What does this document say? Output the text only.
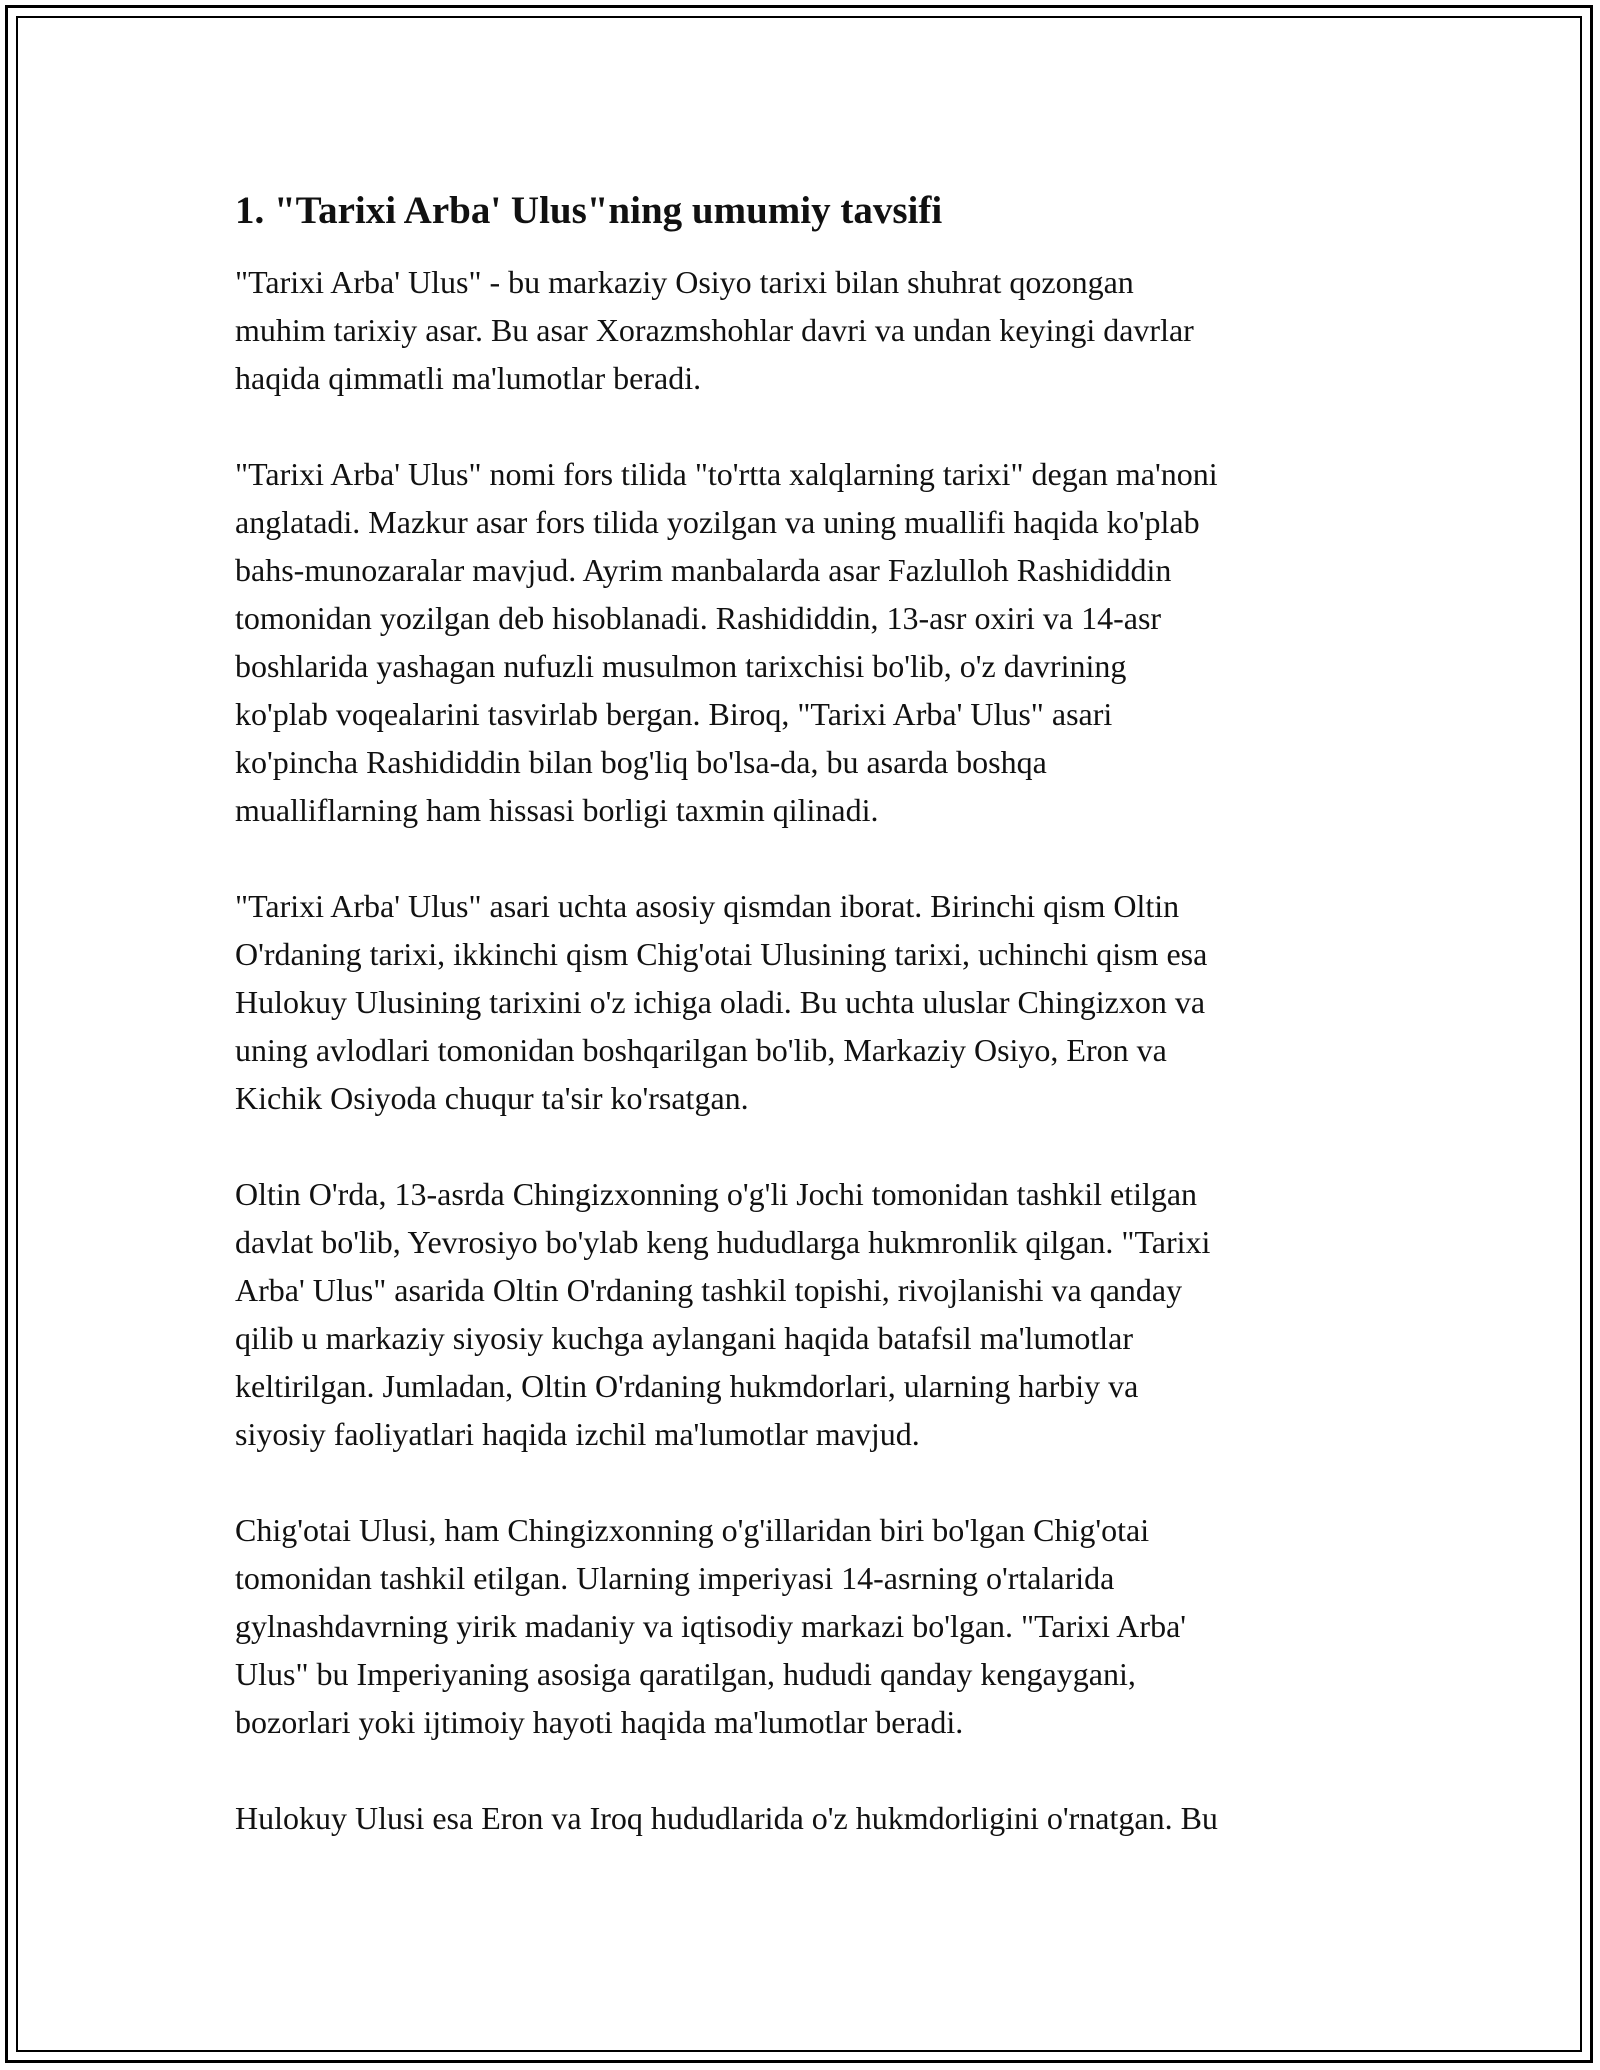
1. "Tarixi Arba' Ulus"ning umumiy tavsifi

"Tarixi Arba' Ulus" - bu markaziy Osiyo tarixi bilan shuhrat qozongan
muhim tarixiy asar. Bu asar Xorazmshohlar davri va undan keyingi davrlar
haqida qimmatli ma'lumotlar beradi.

"Tarixi Arba' Ulus" nomi fors tilida "to'rtta xalqlarning tarixi" degan ma'noni
anglatadi. Mazkur asar fors tilida yozilgan va uning muallifi haqida ko'plab
bahs-munozaralar mavjud. Ayrim manbalarda asar Fazlulloh Rashididdin
tomonidan yozilgan deb hisoblanadi. Rashididdin, 13-asr oxiri va 14-asr
boshlarida yashagan nufuzli musulmon tarixchisi bo'lib, o'z davrining
ko'plab voqealarini tasvirlab bergan. Biroq, "Tarixi Arba' Ulus" asari
ko'pincha Rashididdin bilan bog'liq bo'lsa-da, bu asarda boshqa
mualliflarning ham hissasi borligi taxmin qilinadi.

"Tarixi Arba' Ulus" asari uchta asosiy qismdan iborat. Birinchi qism Oltin
O'rdaning tarixi, ikkinchi qism Chig'otai Ulusining tarixi, uchinchi qism esa
Hulokuy Ulusining tarixini o'z ichiga oladi. Bu uchta uluslar Chingizxon va
uning avlodlari tomonidan boshqarilgan bo'lib, Markaziy Osiyo, Eron va
Kichik Osiyoda chuqur ta'sir ko'rsatgan.

Oltin O'rda, 13-asrda Chingizxonning o'g'li Jochi tomonidan tashkil etilgan
davlat bo'lib, Yevrosiyo bo'ylab keng hududlarga hukmronlik qilgan. "Tarixi
Arba' Ulus" asarida Oltin O'rdaning tashkil topishi, rivojlanishi va qanday
qilib u markaziy siyosiy kuchga aylangani haqida batafsil ma'lumotlar
keltirilgan. Jumladan, Oltin O'rdaning hukmdorlari, ularning harbiy va
siyosiy faoliyatlari haqida izchil ma'lumotlar mavjud.

Chig'otai Ulusi, ham Chingizxonning o'g'illaridan biri bo'lgan Chig'otai
tomonidan tashkil etilgan. Ularning imperiyasi 14-asrning o'rtalarida
gylnashdavrning yirik madaniy va iqtisodiy markazi bo'lgan. "Tarixi Arba'
Ulus" bu Imperiyaning asosiga qaratilgan, hududi qanday kengaygani,
bozorlari yoki ijtimoiy hayoti haqida ma'lumotlar beradi.

Hulokuy Ulusi esa Eron va Iroq hududlarida o'z hukmdorligini o'rnatgan. Bu
